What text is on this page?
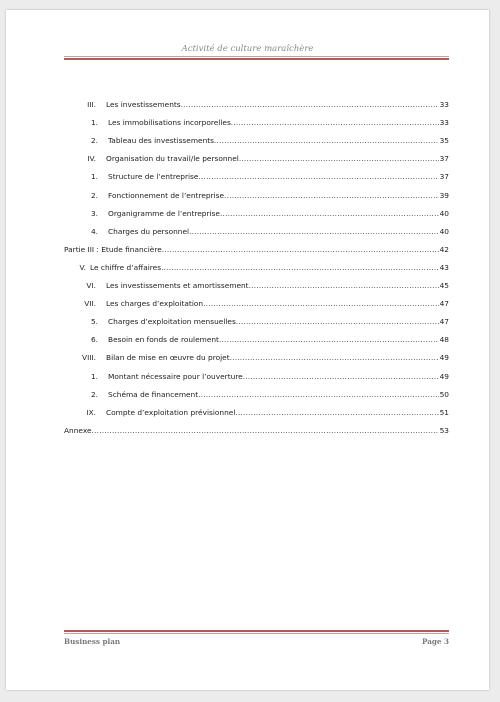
Activité de culture maraîchère
III. Les investissements .....	33
1. Les immobilisations incorporelles .....	33
2. Tableau des investissements .....	35
IV. Organisation du travail/le personnel .....	37
1. Structure de l’entreprise .....	37
2. Fonctionnement de l’entreprise .....	39
3. Organigramme de l’entreprise .....	40
4. Charges du personnel .....	40
Partie III : Etude financière .....	42
V. Le chiffre d’affaires .....	43
VI. Les investissements et amortissement .....	45
VII. Les charges d’exploitation .....	47
5. Charges d’exploitation mensuelles .....	47
6. Besoin en fonds de roulement .....	48
VIII. Bilan de mise en œuvre du projet .....	49
1. Montant nécessaire pour l’ouverture .....	49
2. Schéma de financement .....	50
IX. Compte d’exploitation prévisionnel .....	51
Annexe .....	53
Business plan	Page 3
